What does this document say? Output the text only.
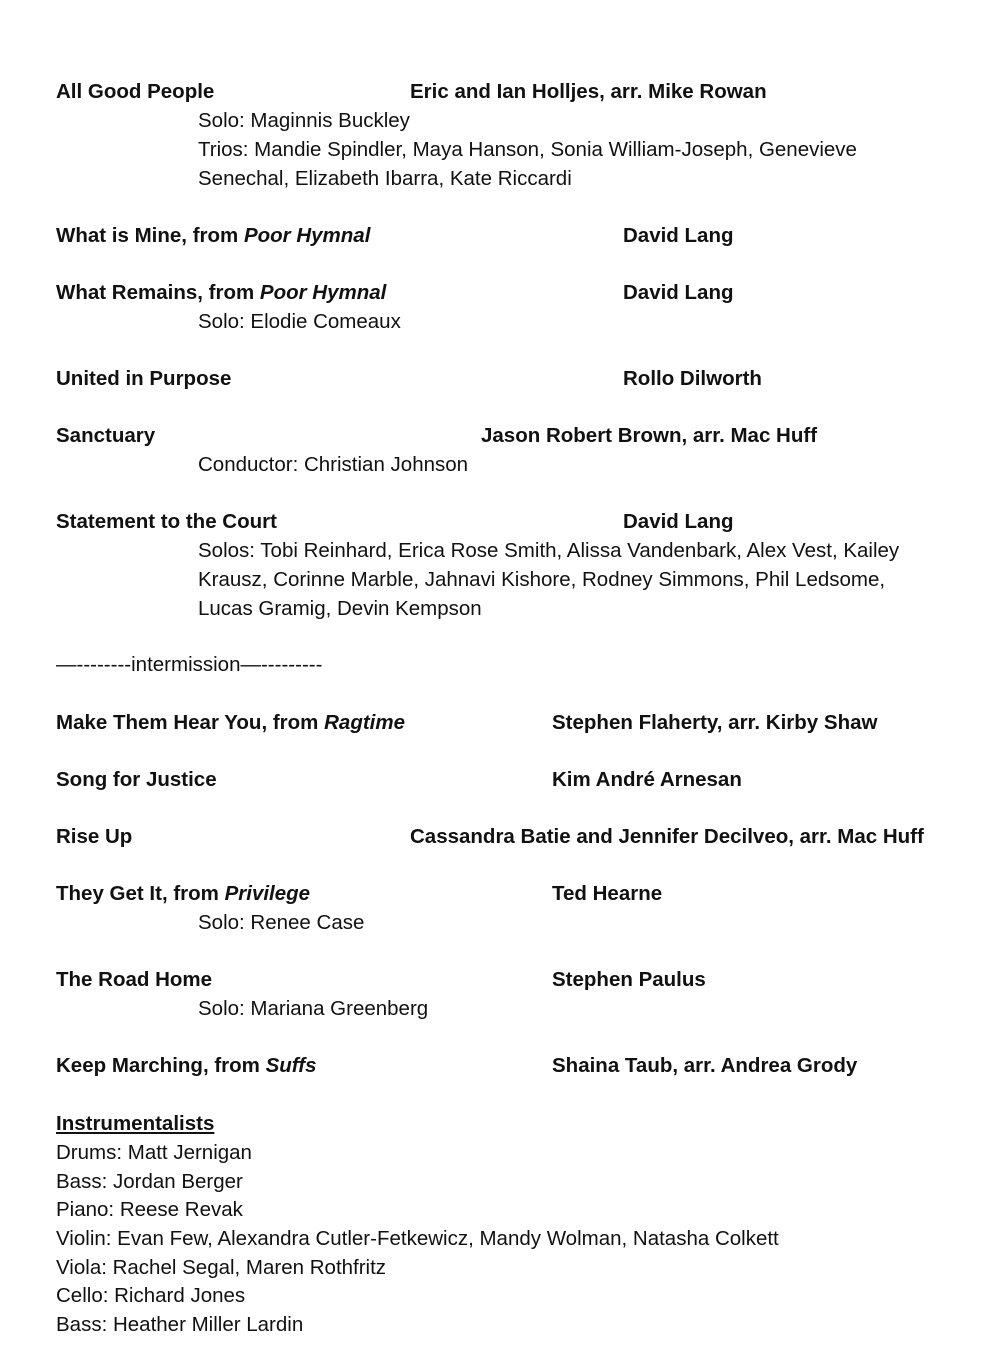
All Good People	Eric and Ian Holljes, arr. Mike Rowan
Solo: Maginnis Buckley
Trios: Mandie Spindler, Maya Hanson, Sonia William-Joseph, Genevieve
Senechal, Elizabeth Ibarra, Kate Riccardi
What is Mine, from Poor Hymnal	David Lang
What Remains, from Poor Hymnal	David Lang
Solo: Elodie Comeaux
United in Purpose	Rollo Dilworth
Sanctuary	Jason Robert Brown, arr. Mac Huff
Conductor: Christian Johnson
Statement to the Court	David Lang
Solos: Tobi Reinhard, Erica Rose Smith, Alissa Vandenbark, Alex Vest, Kailey
Krausz, Corinne Marble, Jahnavi Kishore, Rodney Simmons, Phil Ledsome,
Lucas Gramig, Devin Kempson
—--------intermission—---------
Make Them Hear You, from Ragtime	Stephen Flaherty, arr. Kirby Shaw
Song for Justice	Kim André Arnesan
Rise Up	Cassandra Batie and Jennifer Decilveo, arr. Mac Huff
They Get It, from Privilege	Ted Hearne
Solo: Renee Case
The Road Home	Stephen Paulus
Solo: Mariana Greenberg
Keep Marching, from Suffs	Shaina Taub, arr. Andrea Grody
Instrumentalists
Drums: Matt Jernigan
Bass: Jordan Berger
Piano: Reese Revak
Violin: Evan Few, Alexandra Cutler-Fetkewicz, Mandy Wolman, Natasha Colkett
Viola: Rachel Segal, Maren Rothfritz
Cello: Richard Jones
Bass: Heather Miller Lardin
